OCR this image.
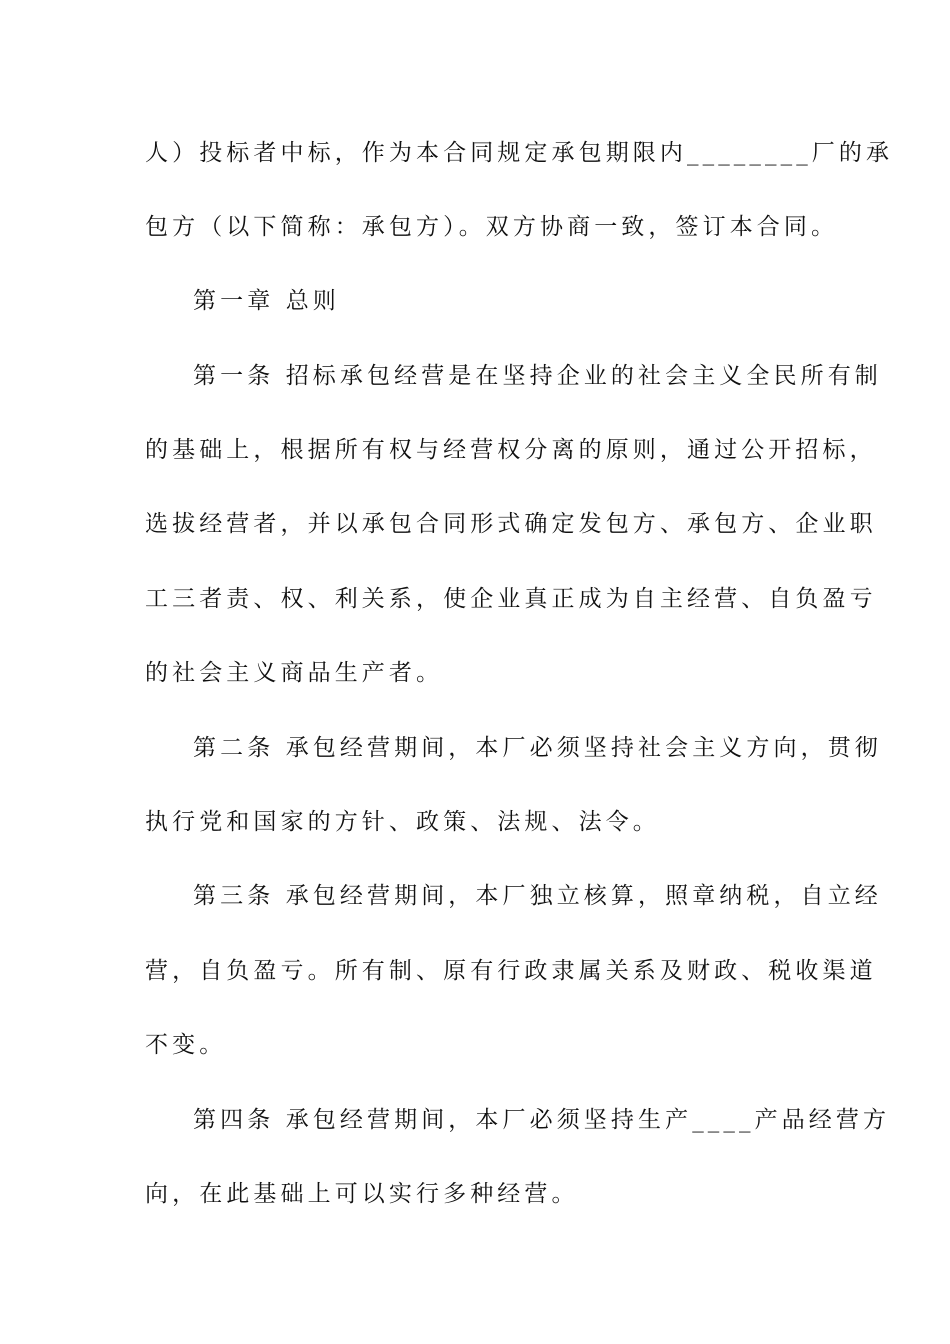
人）投标者中标，作为本合同规定承包期限内________厂的承
包方（以下简称：承包方）。双方协商一致，签订本合同。
第一章 总则
第一条 招标承包经营是在坚持企业的社会主义全民所有制
的基础上，根据所有权与经营权分离的原则，通过公开招标，
选拔经营者，并以承包合同形式确定发包方、承包方、企业职
工三者责、权、利关系，使企业真正成为自主经营、自负盈亏
的社会主义商品生产者。
第二条 承包经营期间，本厂必须坚持社会主义方向，贯彻
执行党和国家的方针、政策、法规、法令。
第三条 承包经营期间，本厂独立核算，照章纳税，自立经
营，自负盈亏。所有制、原有行政隶属关系及财政、税收渠道
不变。
第四条 承包经营期间，本厂必须坚持生产____产品经营方
向，在此基础上可以实行多种经营。
